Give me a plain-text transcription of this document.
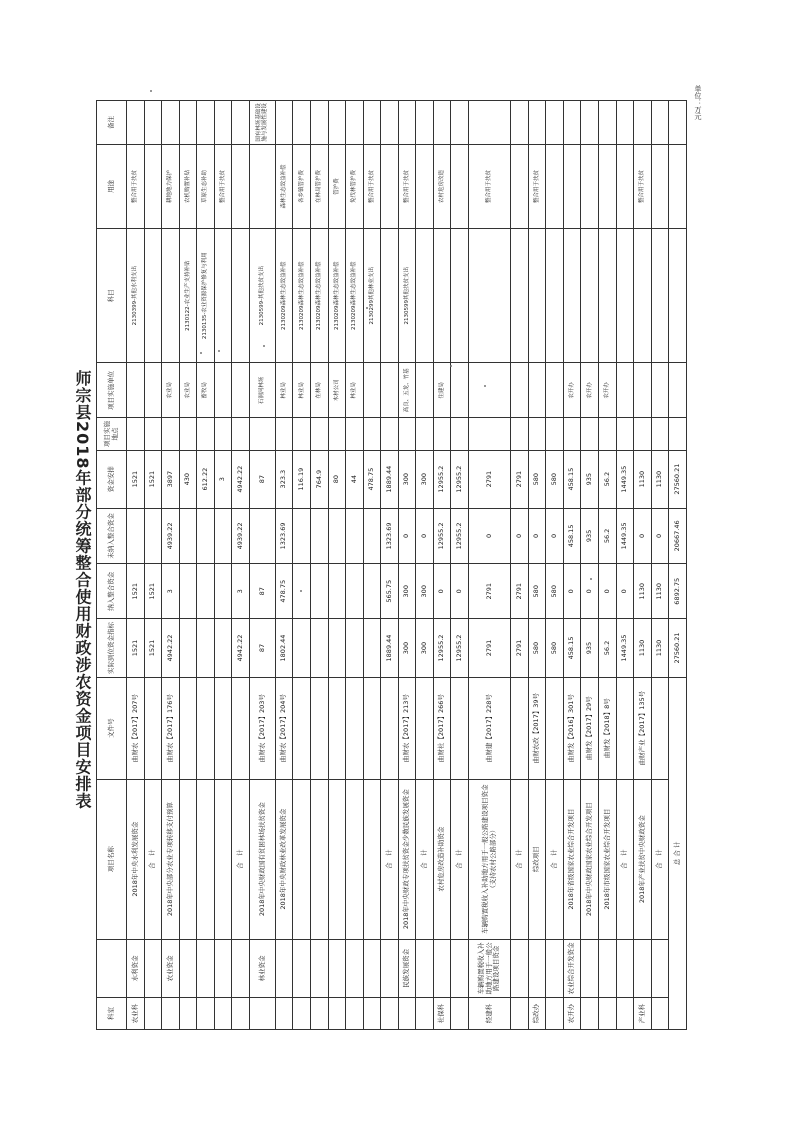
师宗县2018年部分统筹整合使用财政涉农资金项目安排表
单位：万元
科室		项目名称	文件号	实际到位资金指标	纳入整合资金	未纳入整合资金	资金安排	项目实施地点	项目实施单位	科目	用途	备注
农业科	水利资金	2018年中央水利发展资金	曲财农【2017】207号	1521	1521		1521			2130399-其他水利支出	整合用于扶贫	
		合　计		1521	1521		1521					
	农业资金	2018年中央部分农业专项转移支付预算	曲财农【2017】176号	4942.22	3	4939.22	3897		农业局		耕地地力保护	
							430		农业局	2130122-农业生产支持补贴	农机购置补贴	
							612.22		畜牧局	2130135-农业资源保护修复与利用	草原生态补助	
							3				整合用于扶贫	
		合　计		4942.22	3	4939.22	4942.22					
	林业资金	2018年中央财政国有贫困林场扶贫资金	曲财农【2017】203号	87	87		87		石洞河林场	2130599-其他扶贫支出		国有林场基础设施与发展性建设
		2018年中央财政林业改革发展资金	曲财农【2017】204号	1802.44	478.75	1323.69	323.3		林业局	2130209森林生态效益补偿	森林生态效益补偿	
							116.19		林业局	2130209森林生态效益补偿	各乡镇管护费	
							764.9		在林局	2130209森林生态效益补偿	在林局管护费	
							80		木材公司	2130209森林生态效益补偿	管护费	
							44		林业局	2130209森林生态效益补偿	免伐林管护费	
							478.75			2130299其他林业支出	整合用于扶贫	
		合　计		1889.44	565.75	1323.69	1889.44					
	民族发展资金	2018年中央财政专项扶贫资金少数民族发展资金	曲财农【2017】213号	300	300	0	300		高良、五龙、竹基	2130599其他扶贫支出	整合用于扶贫	
		合　计		300	300	0	300					
社保科		农村危房改造补助资金	曲财社【2017】266号	12955.2	0	12955.2	12955.2		住建局		农村危房改造	
		合　计		12955.2	0	12955.2	12955.2					
经建科	车辆购置税收入补助地方用于一般公路建设项目资金	车辆购置税收入补助地方用于一般公路建设项目资金（支持农村公路部分）	曲财建【2017】228号	2791	2791	0	2791				整合用于扶贫	
		合　计		2791	2791	0	2791					
综改办		综改项目	曲财农改【2017】39号	580	580	0	580				整合用于扶贫	
		合　计		580	580	0	580					
农开办	农业综合开发资金	2018年省级国家农业综合开发项目	曲财发【2016】301号	458.15	0	458.15	458.15		农开办			
		2018年中央财政国家农业综合开发项目	曲财发【2017】29号	935	0	935	935		农开办			
		2018年市级国家农业综合开发项目	曲财发【2018】8号	56.2	0	56.2	56.2		农开办			
		合　计		1449.35	0	1449.35	1449.35					
产业科		2018年产业扶贫中央财政资金	曲财产业【2017】135号	1130	1130	0	1130				整合用于扶贫	
		合　计		1130	1130	0	1130					
总 合 计				27560.21	6892.75	20667.46	27560.21					
